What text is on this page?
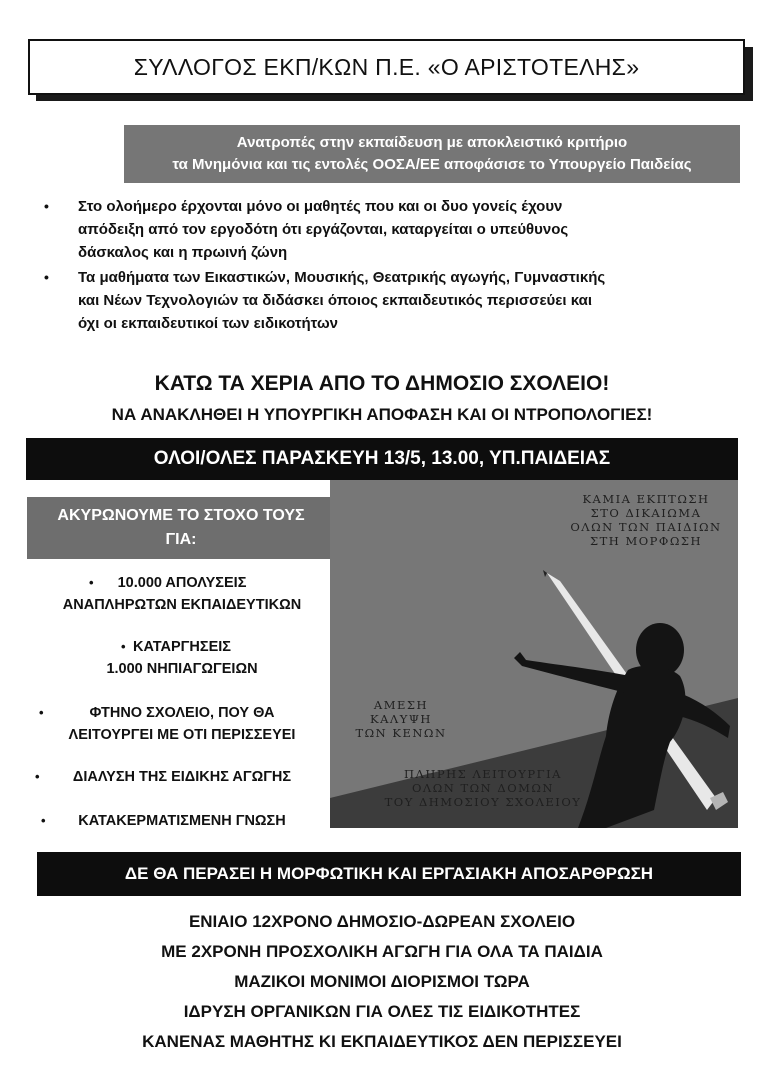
ΣΥΛΛΟΓΟΣ ΕΚΠ/ΚΩΝ Π.Ε. «Ο ΑΡΙΣΤΟΤΕΛΗΣ»
Ανατροπές στην εκπαίδευση με αποκλειστικό κριτήριο
τα Μνημόνια και τις εντολές ΟΟΣΑ/ΕΕ αποφάσισε το Υπουργείο Παιδείας
• Στο ολοήμερο έρχονται μόνο οι μαθητές που και οι δυο γονείς έχουν
απόδειξη από τον εργοδότη ότι εργάζονται, καταργείται ο υπεύθυνος
δάσκαλος και η πρωινή ζώνη
• Τα μαθήματα των Εικαστικών, Μουσικής, Θεατρικής αγωγής, Γυμναστικής
και Νέων Τεχνολογιών τα διδάσκει όποιος εκπαιδευτικός περισσεύει και
όχι οι εκπαιδευτικοί των ειδικοτήτων
ΚΑΤΩ ΤΑ ΧΕΡΙΑ ΑΠΟ ΤΟ ΔΗΜΟΣΙΟ ΣΧΟΛΕΙΟ!
ΝΑ ΑΝΑΚΛΗΘΕΙ Η ΥΠΟΥΡΓΙΚΗ ΑΠΟΦΑΣΗ ΚΑΙ ΟΙ ΝΤΡΟΠΟΛΟΓΙΕΣ!
ΟΛΟΙ/ΟΛΕΣ ΠΑΡΑΣΚΕΥΗ 13/5, 13.00, ΥΠ.ΠΑΙΔΕΙΑΣ
ΑΚΥΡΩΝΟΥΜΕ ΤΟ ΣΤΟΧΟ ΤΟΥΣ
ΓΙΑ:
•	10.000 ΑΠΟΛΥΣΕΙΣ
ΑΝΑΠΛΗΡΩΤΩΝ ΕΚΠΑΙΔΕΥΤΙΚΩΝ
• ΚΑΤΑΡΓΗΣΕΙΣ
1.000 ΝΗΠΙΑΓΩΓΕΙΩΝ
•	ΦΤΗΝΟ ΣΧΟΛΕΙΟ, ΠΟΥ ΘΑ
ΛΕΙΤΟΥΡΓΕΙ ΜΕ ΟΤΙ ΠΕΡΙΣΣΕΥΕΙ
•	ΔΙΑΛΥΣΗ ΤΗΣ ΕΙΔΙΚΗΣ ΑΓΩΓΗΣ
•	ΚΑΤΑΚΕΡΜΑΤΙΣΜΕΝΗ ΓΝΩΣΗ
ΚΑΜΙΑ ΕΚΠΤΩΣΗ
ΣΤΟ ΔΙΚΑΙΩΜΑ
ΟΛΩΝ ΤΩΝ ΠΑΙΔΙΩΝ
ΣΤΗ ΜΟΡΦΩΣΗ
ΑΜΕΣΗ ΚΑΛΥΨΗ
ΤΩΝ ΚΕΝΩΝ
ΠΛΗΡΗΣ ΛΕΙΤΟΥΡΓΙΑ
ΟΛΩΝ ΤΩΝ ΔΟΜΩΝ
ΤΟΥ ΔΗΜΟΣΙΟΥ ΣΧΟΛΕΙΟΥ
ΔΕ ΘΑ ΠΕΡΑΣΕΙ Η ΜΟΡΦΩΤΙΚΗ ΚΑΙ ΕΡΓΑΣΙΑΚΗ ΑΠΟΣΑΡΘΡΩΣΗ
ΕΝΙΑΙΟ 12ΧΡΟΝΟ ΔΗΜΟΣΙΟ-ΔΩΡΕΑΝ ΣΧΟΛΕΙΟ
ΜΕ 2ΧΡΟΝΗ ΠΡΟΣΧΟΛΙΚΗ ΑΓΩΓΗ ΓΙΑ ΟΛΑ ΤΑ ΠΑΙΔΙΑ
ΜΑΖΙΚΟΙ ΜΟΝΙΜΟΙ ΔΙΟΡΙΣΜΟΙ ΤΩΡΑ
ΙΔΡΥΣΗ ΟΡΓΑΝΙΚΩΝ ΓΙΑ ΟΛΕΣ ΤΙΣ ΕΙΔΙΚΟΤΗΤΕΣ
ΚΑΝΕΝΑΣ ΜΑΘΗΤΗΣ ΚΙ ΕΚΠΑΙΔΕΥΤΙΚΟΣ ΔΕΝ ΠΕΡΙΣΣΕΥΕΙ
